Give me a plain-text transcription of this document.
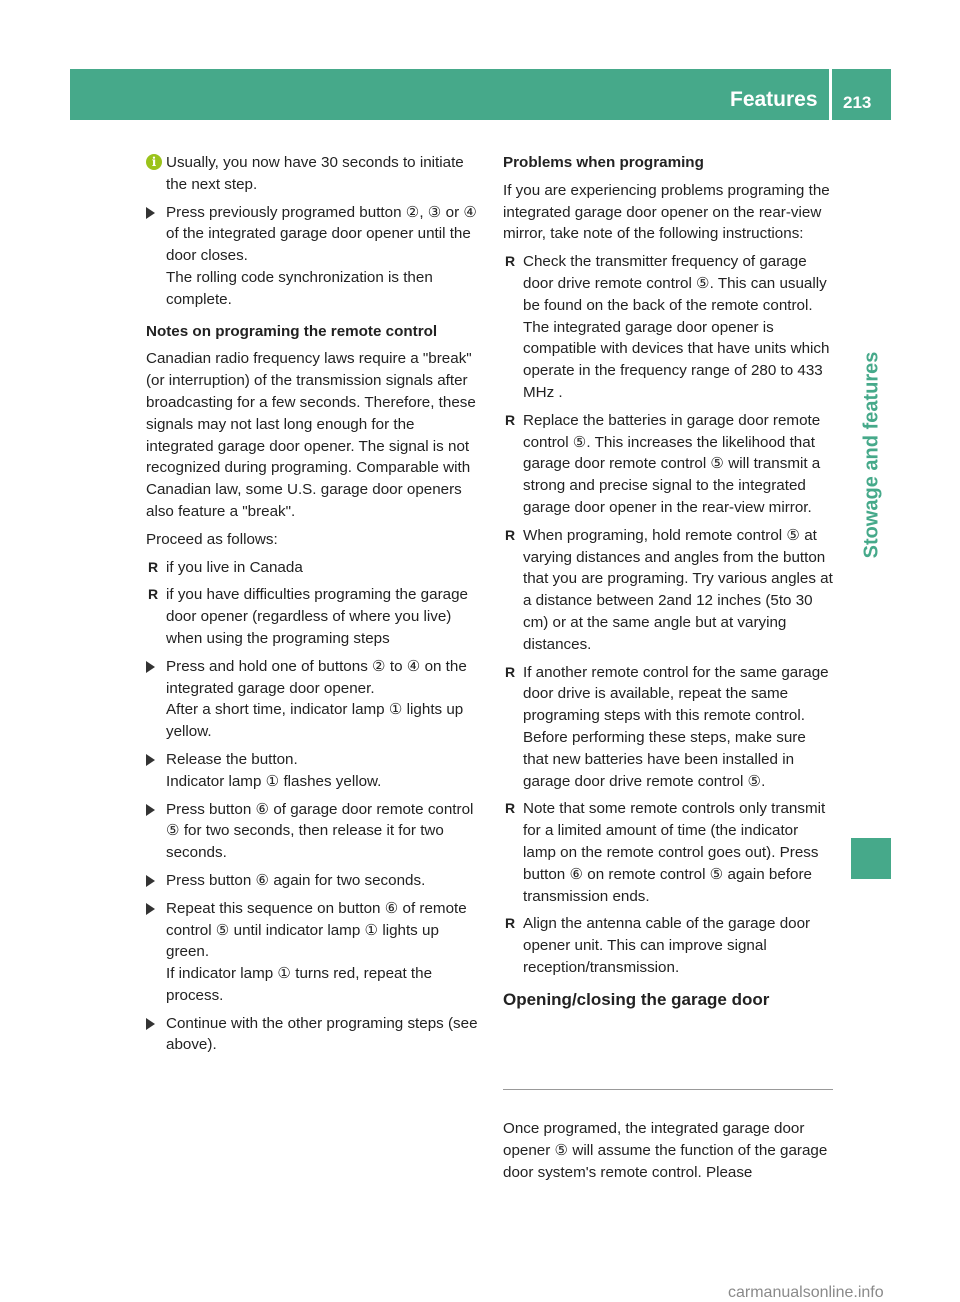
Features 213
Stowage and features

i Usually, you now have 30 seconds to initiate the next step.

Press previously programed button ②, ③ or ④ of the integrated garage door opener until the door closes.

The rolling code synchronization is then complete.

Notes on programing the remote control

Canadian radio frequency laws require a "break" (or interruption) of the transmission signals after broadcasting for a few seconds. Therefore, these signals may not last long enough for the integrated garage door opener. The signal is not recognized during programing. Comparable with Canadian law, some U.S. garage door openers also feature a "break".

Proceed as follows:

R if you live in Canada

R if you have difficulties programing the garage door opener (regardless of where you live) when using the programing steps

Press and hold one of buttons ② to ④ on the integrated garage door opener.

After a short time, indicator lamp ① lights up yellow.

Release the button.

Indicator lamp ① flashes yellow.

Press button ⑥ of garage door remote control ⑤ for two seconds, then release it for two seconds.

Press button ⑥ again for two seconds.

Repeat this sequence on button ⑥ of remote control ⑤ until indicator lamp ① lights up green.

If indicator lamp ① turns red, repeat the process.

Continue with the other programing steps (see above).

Problems when programing

If you are experiencing problems programing the integrated garage door opener on the rear-view mirror, take note of the following instructions:

R Check the transmitter frequency of garage door drive remote control ⑤. This can usually be found on the back of the remote control.

The integrated garage door opener is compatible with devices that have units which operate in the frequency range of 280 to 433 MHz .

R Replace the batteries in garage door remote control ⑤. This increases the likelihood that garage door remote control ⑤ will transmit a strong and precise signal to the integrated garage door opener in the rear-view mirror.

R When programing, hold remote control ⑤ at varying distances and angles from the button that you are programing. Try various angles at a distance between 2and 12 inches (5to 30 cm) or at the same angle but at varying distances.

R If another remote control for the same garage door drive is available, repeat the same programing steps with this remote control. Before performing these steps, make sure that new batteries have been installed in garage door drive remote control ⑤.

R Note that some remote controls only transmit for a limited amount of time (the indicator lamp on the remote control goes out). Press button ⑥ on remote control ⑤ again before transmission ends.

R Align the antenna cable of the garage door opener unit. This can improve signal reception/transmission.

Opening/closing the garage door

Once programed, the integrated garage door opener ⑤ will assume the function of the garage door system's remote control. Please

carmanualsonline.info
